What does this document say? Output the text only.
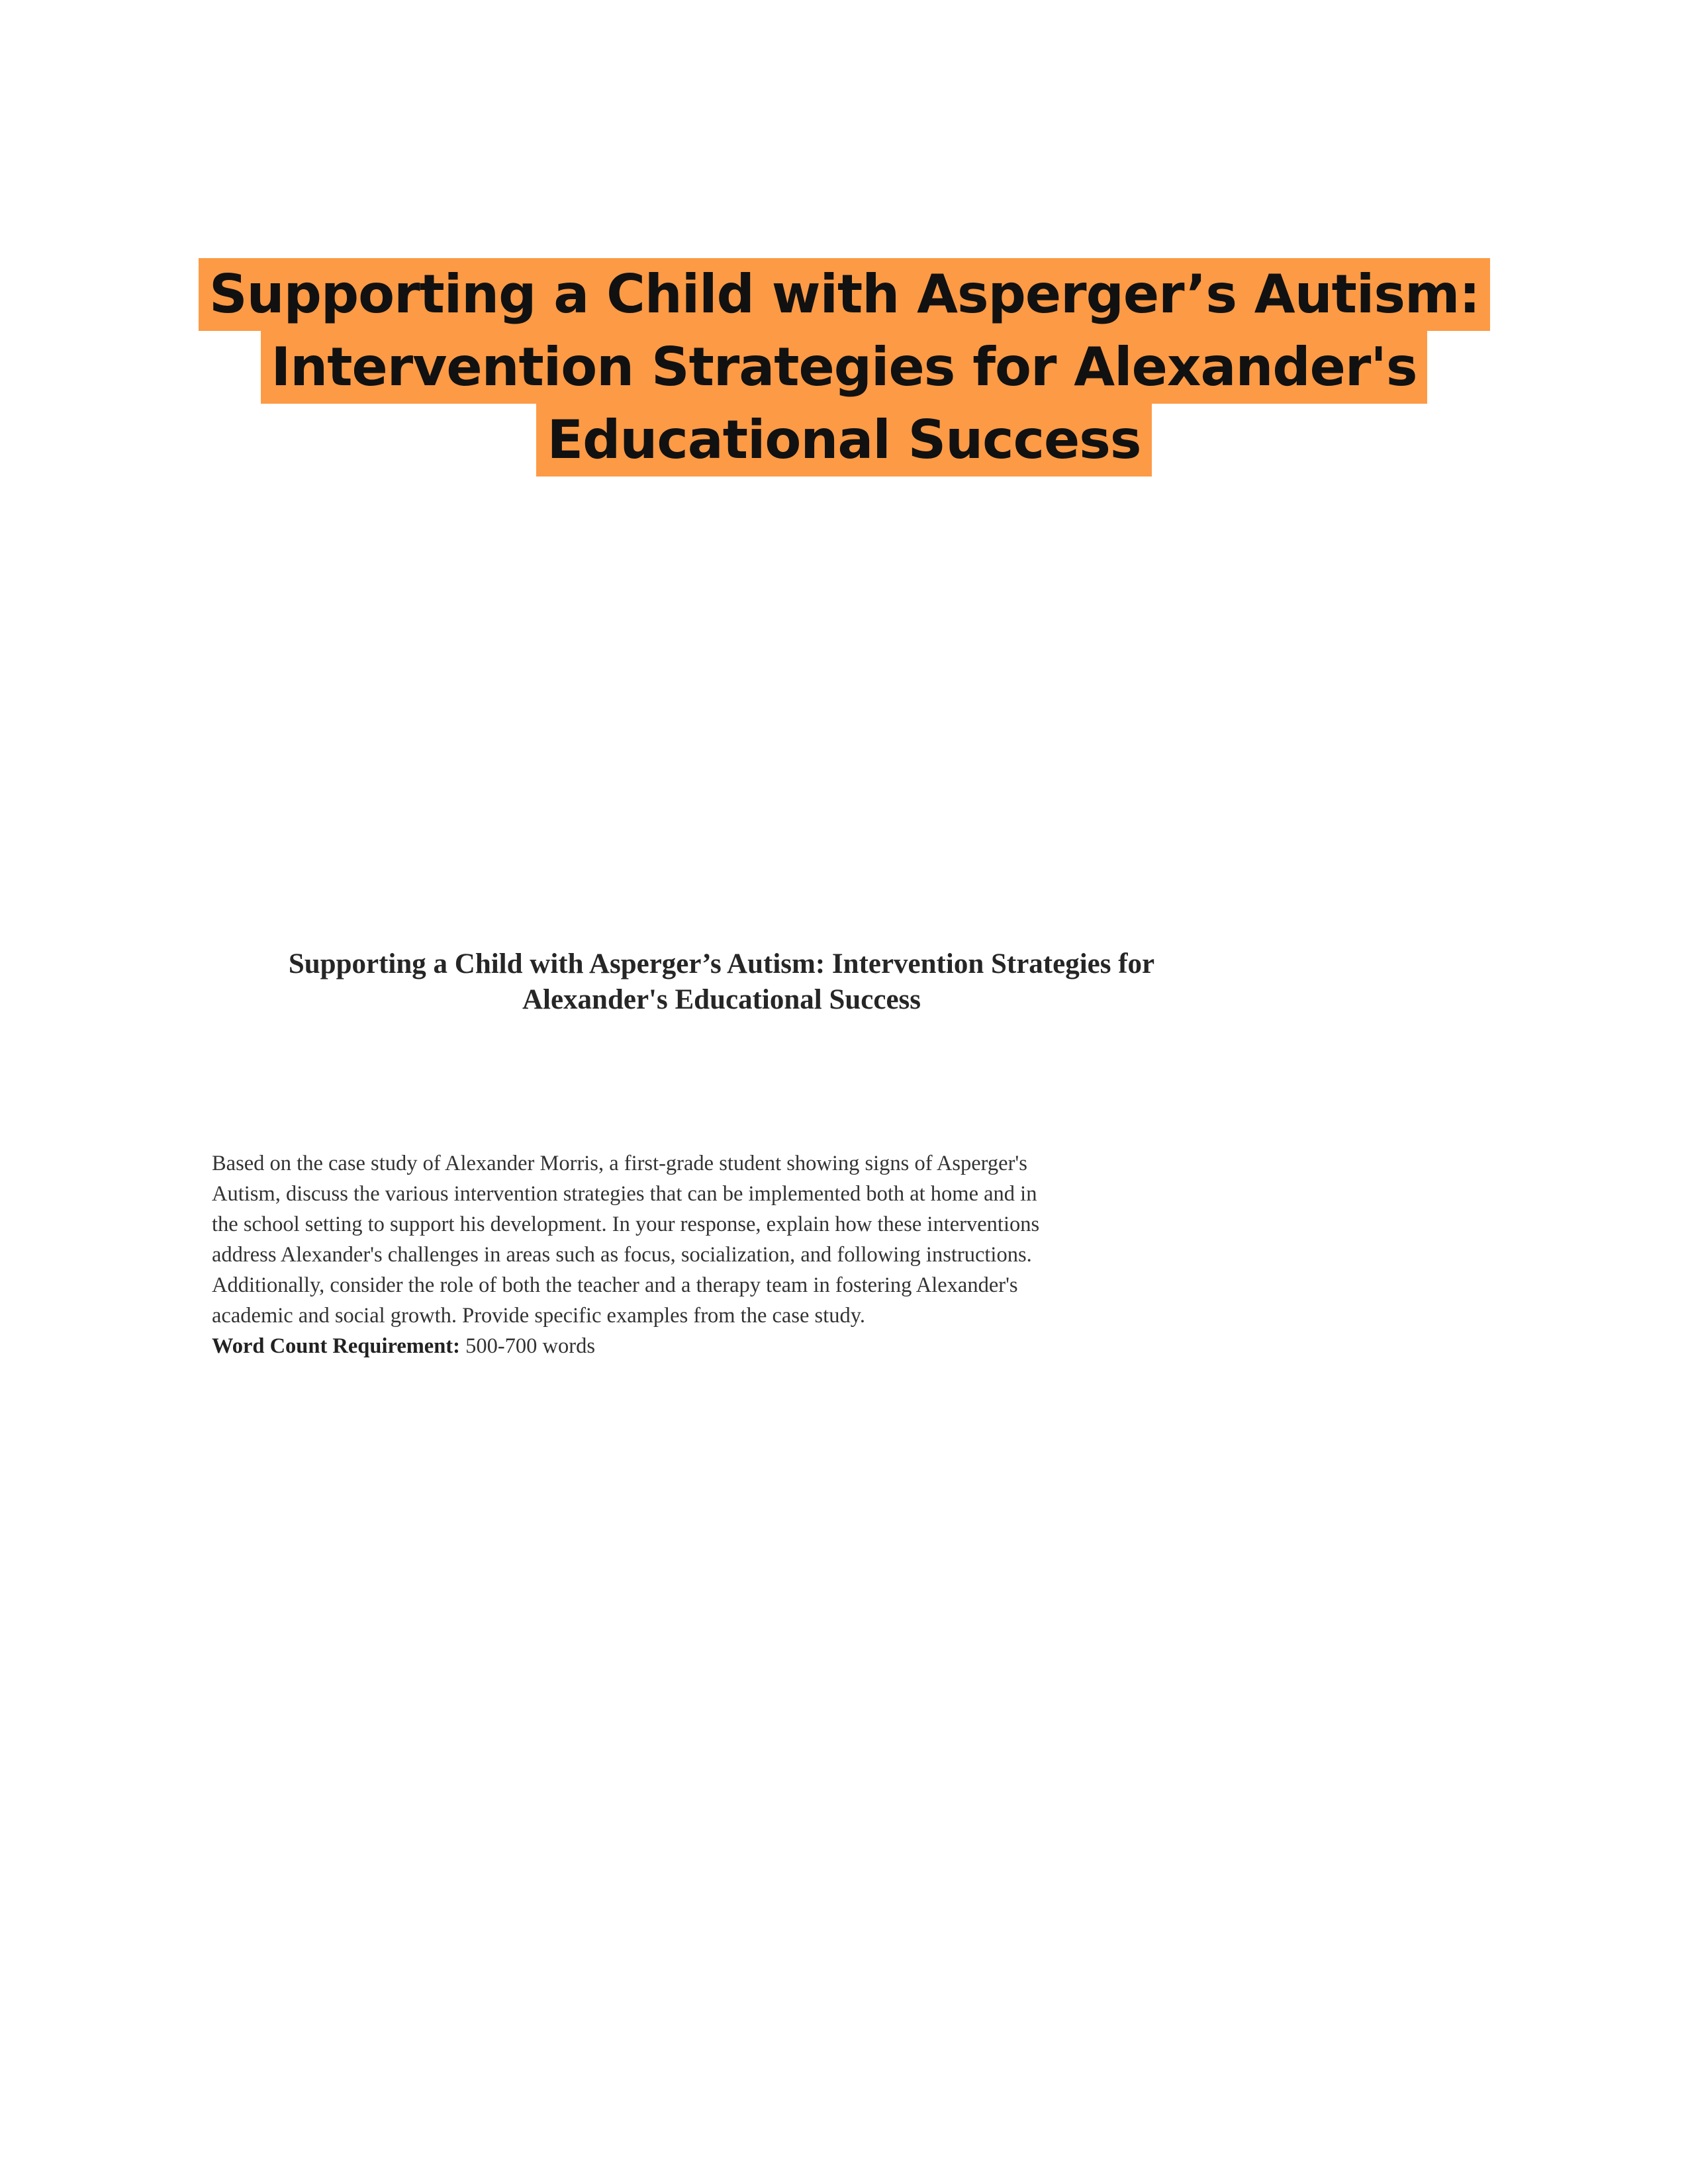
Supporting a Child with Asperger’s Autism:
Intervention Strategies for Alexander's
Educational Success
Supporting a Child with Asperger’s Autism: Intervention Strategies for
Alexander's Educational Success
Based on the case study of Alexander Morris, a first-grade student showing signs of Asperger's
Autism, discuss the various intervention strategies that can be implemented both at home and in
the school setting to support his development. In your response, explain how these interventions
address Alexander's challenges in areas such as focus, socialization, and following instructions.
Additionally, consider the role of both the teacher and a therapy team in fostering Alexander's
academic and social growth. Provide specific examples from the case study.
Word Count Requirement: 500-700 words
